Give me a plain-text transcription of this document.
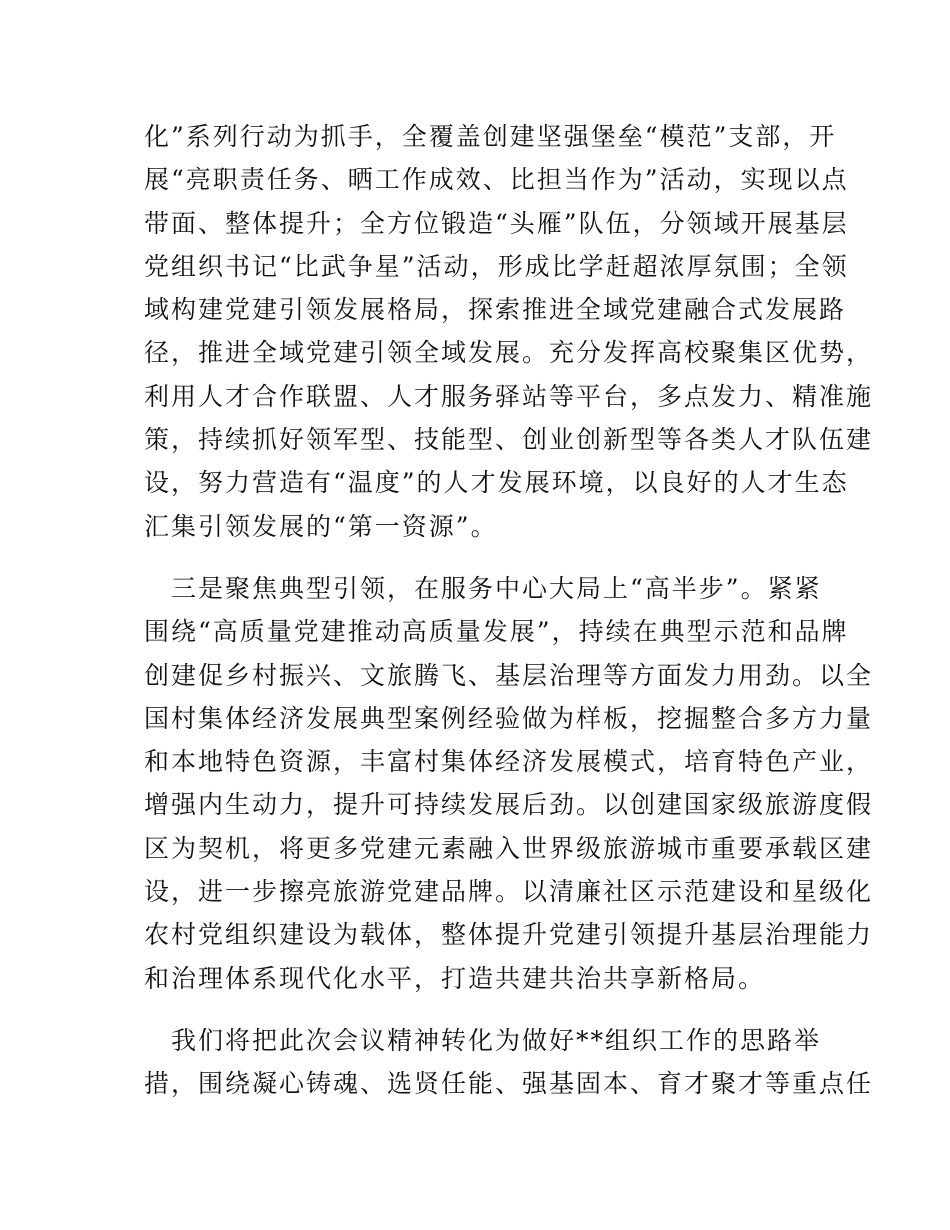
化”系列行动为抓手，全覆盖创建坚强堡垒“模范”支部，开
展“亮职责任务、晒工作成效、比担当作为”活动，实现以点
带面、整体提升；全方位锻造“头雁”队伍，分领域开展基层
党组织书记“比武争星”活动，形成比学赶超浓厚氛围；全领
域构建党建引领发展格局，探索推进全域党建融合式发展路
径，推进全域党建引领全域发展。充分发挥高校聚集区优势，
利用人才合作联盟、人才服务驿站等平台，多点发力、精准施
策，持续抓好领军型、技能型、创业创新型等各类人才队伍建
设，努力营造有“温度”的人才发展环境，以良好的人才生态
汇集引领发展的“第一资源”。
　三是聚焦典型引领，在服务中心大局上“高半步”。紧紧
围绕“高质量党建推动高质量发展”，持续在典型示范和品牌
创建促乡村振兴、文旅腾飞、基层治理等方面发力用劲。以全
国村集体经济发展典型案例经验做为样板，挖掘整合多方力量
和本地特色资源，丰富村集体经济发展模式，培育特色产业，
增强内生动力，提升可持续发展后劲。以创建国家级旅游度假
区为契机，将更多党建元素融入世界级旅游城市重要承载区建
设，进一步擦亮旅游党建品牌。以清廉社区示范建设和星级化
农村党组织建设为载体，整体提升党建引领提升基层治理能力
和治理体系现代化水平，打造共建共治共享新格局。
　我们将把此次会议精神转化为做好**组织工作的思路举
措，围绕凝心铸魂、选贤任能、强基固本、育才聚才等重点任
